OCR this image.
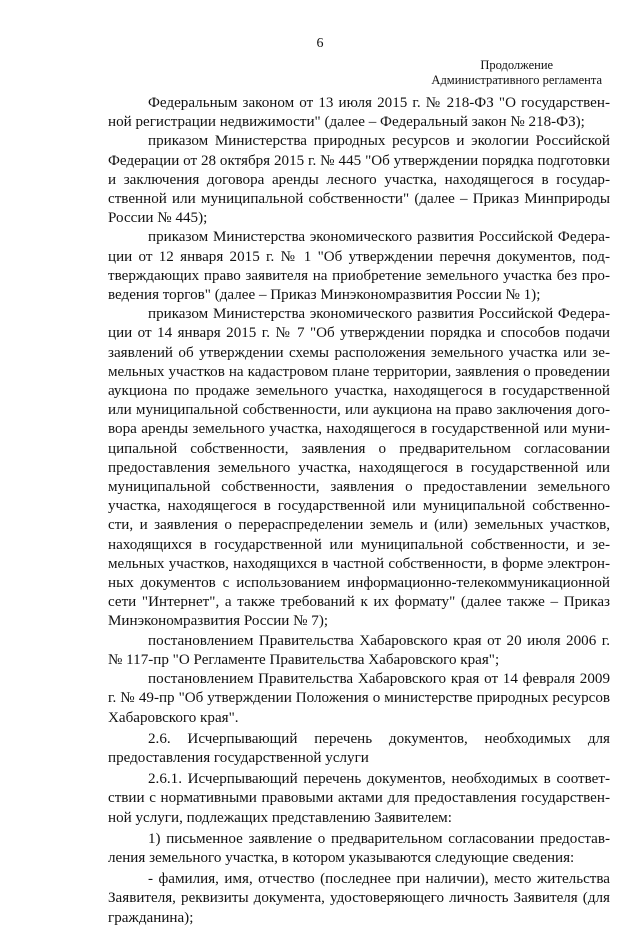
6
Продолжение
Административного регламента

Федеральным законом от 13 июля 2015 г. № 218-ФЗ "О государственной регистрации недвижимости" (далее – Федеральный закон № 218-ФЗ);

приказом Министерства природных ресурсов и экологии Российской Федерации от 28 октября 2015 г. № 445 "Об утверждении порядка подготовки и заключения договора аренды лесного участка, находящегося в государственной или муниципальной собственности" (далее – Приказ Минприроды России № 445);

приказом Министерства экономического развития Российской Федерации от 12 января 2015 г. № 1 "Об утверждении перечня документов, подтверждающих право заявителя на приобретение земельного участка без проведения торгов" (далее – Приказ Минэкономразвития России № 1);

приказом Министерства экономического развития Российской Федерации от 14 января 2015 г. № 7 "Об утверждении порядка и способов подачи заявлений об утверждении схемы расположения земельного участка или земельных участков на кадастровом плане территории, заявления о проведении аукциона по продаже земельного участка, находящегося в государственной или муниципальной собственности, или аукциона на право заключения договора аренды земельного участка, находящегося в государственной или муниципальной собственности, заявления о предварительном согласовании предоставления земельного участка, находящегося в государственной или муниципальной собственности, заявления о предоставлении земельного участка, находящегося в государственной или муниципальной собственности, и заявления о перераспределении земель и (или) земельных участков, находящихся в государственной или муниципальной собственности, и земельных участков, находящихся в частной собственности, в форме электронных документов с использованием информационно-телекоммуникационной сети "Интернет", а также требований к их формату" (далее также – Приказ Минэкономразвития России № 7);

постановлением Правительства Хабаровского края от 20 июля 2006 г. № 117-пр "О Регламенте Правительства Хабаровского края";

постановлением Правительства Хабаровского края от 14 февраля 2009 г. № 49-пр "Об утверждении Положения о министерстве природных ресурсов Хабаровского края".

2.6. Исчерпывающий перечень документов, необходимых для предоставления государственной услуги

2.6.1. Исчерпывающий перечень документов, необходимых в соответствии с нормативными правовыми актами для предоставления государственной услуги, подлежащих представлению Заявителем:

1) письменное заявление о предварительном согласовании предоставления земельного участка, в котором указываются следующие сведения:

- фамилия, имя, отчество (последнее при наличии), место жительства Заявителя, реквизиты документа, удостоверяющего личность Заявителя (для гражданина);
